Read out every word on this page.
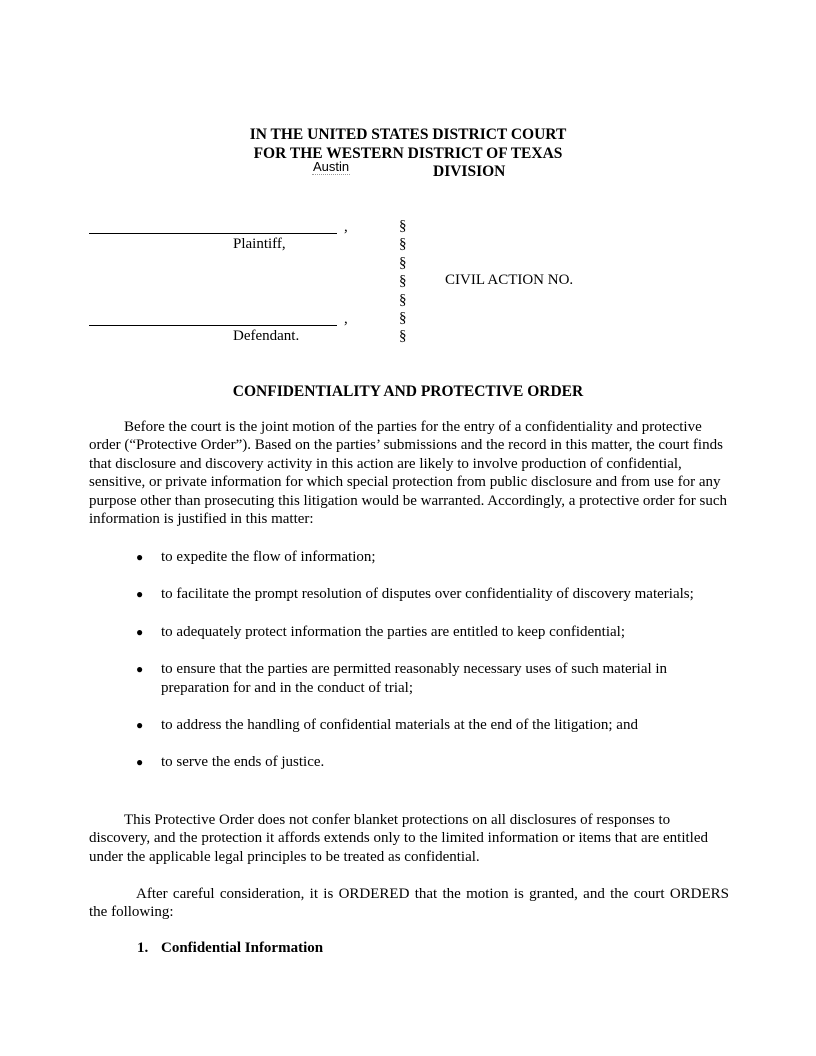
IN THE UNITED STATES DISTRICT COURT
FOR THE WESTERN DISTRICT OF TEXAS
Austin	DIVISION
,
Plaintiff,
,
Defendant.
§
§
§
§
§
§
§
CIVIL ACTION NO.
CONFIDENTIALITY AND PROTECTIVE ORDER

Before the court is the joint motion of the parties for the entry of a confidentiality and protective order (“Protective Order”). Based on the parties’ submissions and the record in this matter, the court finds that disclosure and discovery activity in this action are likely to involve production of confidential, sensitive, or private information for which special protection from public disclosure and from use for any purpose other than prosecuting this litigation would be warranted. Accordingly, a protective order for such information is justified in this matter:

● to expedite the flow of information;
● to facilitate the prompt resolution of disputes over confidentiality of discovery materials;
● to adequately protect information the parties are entitled to keep confidential;
● to ensure that the parties are permitted reasonably necessary uses of such material in preparation for and in the conduct of trial;
● to address the handling of confidential materials at the end of the litigation; and
● to serve the ends of justice.

This Protective Order does not confer blanket protections on all disclosures of responses to discovery, and the protection it affords extends only to the limited information or items that are entitled under the applicable legal principles to be treated as confidential.

After careful consideration, it is ORDERED that the motion is granted, and the court ORDERS the following:

1. Confidential Information
